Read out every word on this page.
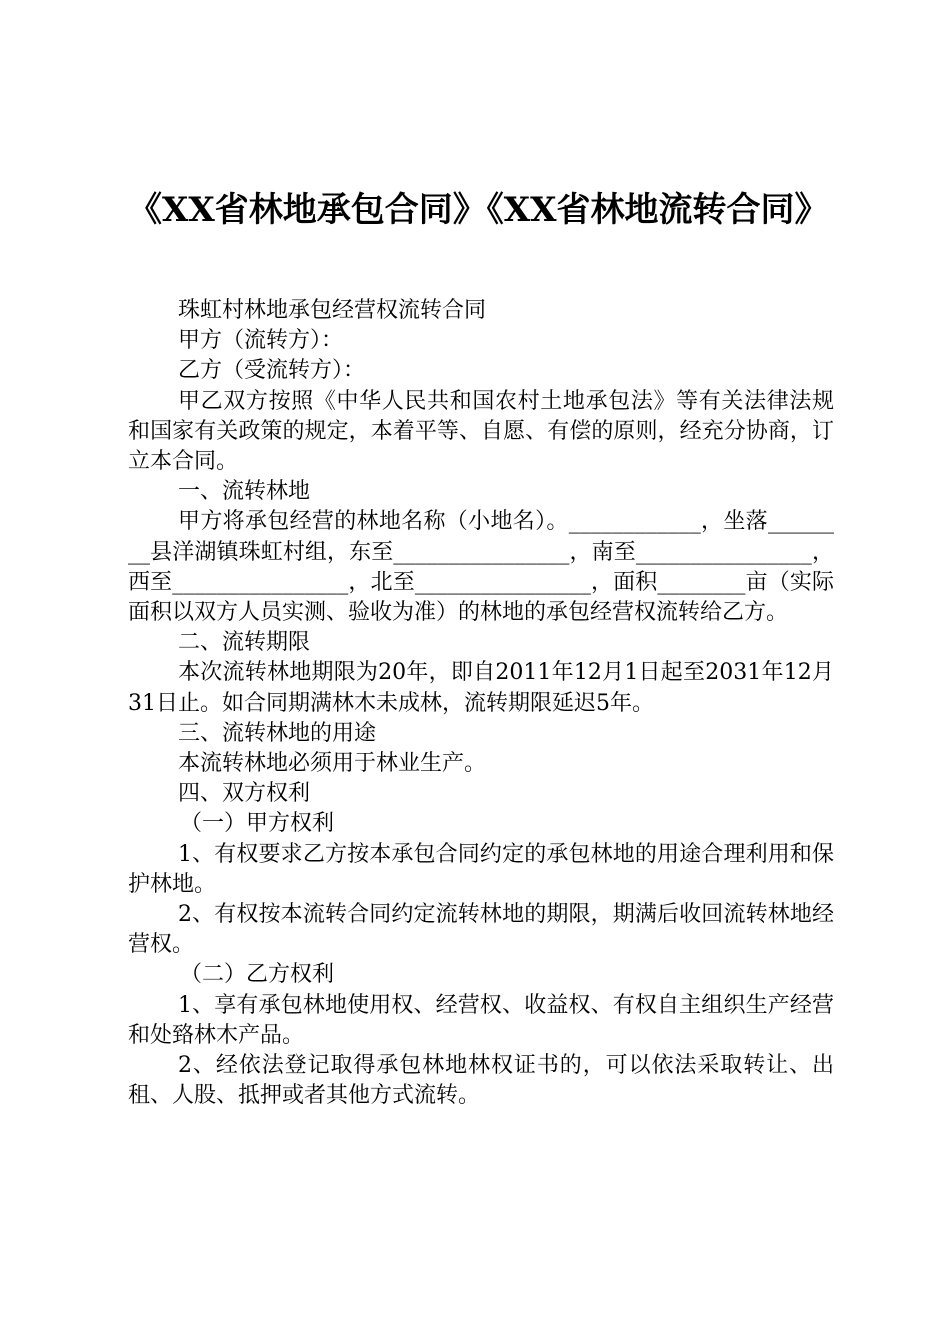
《XX省林地承包合同》《XX省林地流转合同》

珠虹村林地承包经营权流转合同

甲方（流转方）：

乙方（受流转方）：

甲乙双方按照《中华人民共和国农村土地承包法》等有关法律法规和国家有关政策的规定，本着平等、自愿、有偿的原则，经充分协商，订立本合同。

一、流转林地

甲方将承包经营的林地名称（小地名）。____________，坐落________县洋湖镇珠虹村组，东至________________，南至________________，西至________________，北至________________，面积________亩（实际面积以双方人员实测、验收为准）的林地的承包经营权流转给乙方。

二、流转期限

本次流转林地期限为20年，即自2011年12月1日起至2031年12月31日止。如合同期满林木未成林，流转期限延迟5年。

三、流转林地的用途

本流转林地必须用于林业生产。

四、双方权利

（一）甲方权利

1、有权要求乙方按本承包合同约定的承包林地的用途合理利用和保护林地。

2、有权按本流转合同约定流转林地的期限，期满后收回流转林地经营权。

（二）乙方权利

1、享有承包林地使用权、经营权、收益权、有权自主组织生产经营和处臵林木产品。

2、经依法登记取得承包林地林权证书的，可以依法采取转让、出租、人股、抵押或者其他方式流转。
